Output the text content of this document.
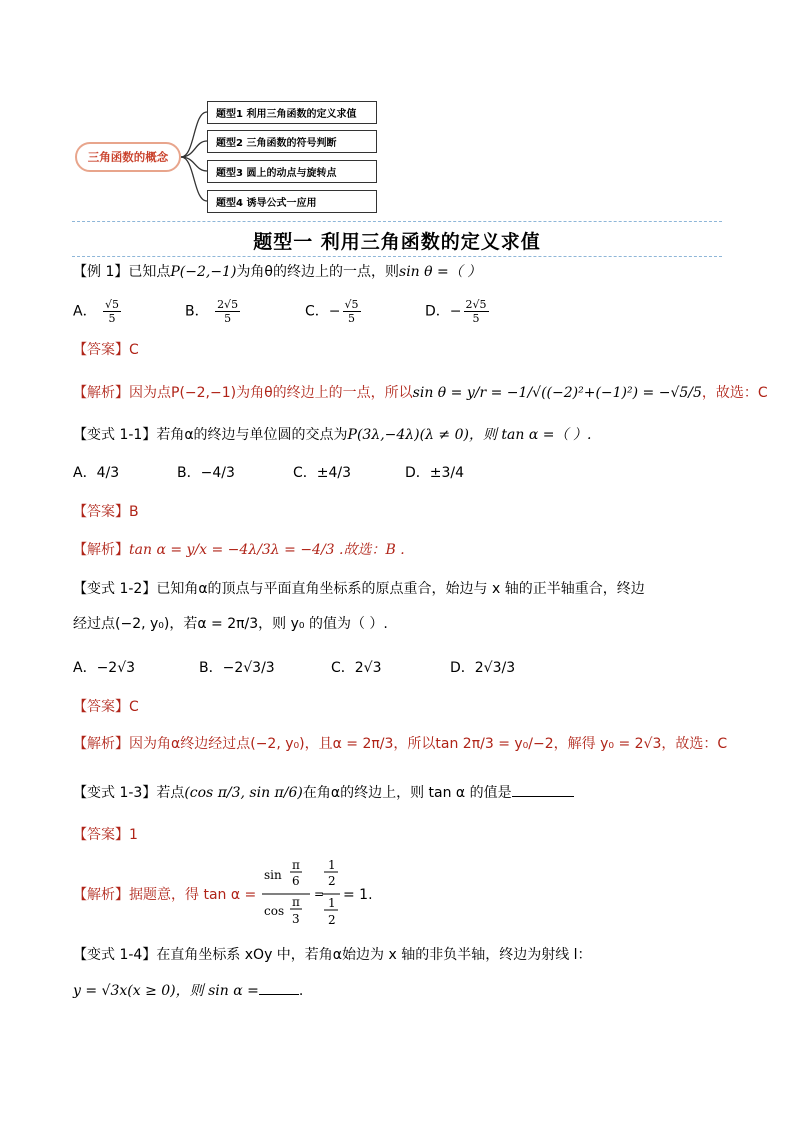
三角函数的概念
题型1 利用三角函数的定义求值
题型2 三角函数的符号判断
题型3 圆上的动点与旋转点
题型4 诱导公式一应用
题型一 利用三角函数的定义求值
【例 1】已知点P(−2,−1)为角θ的终边上的一点，则sin θ =（ ）
A． $\frac{√5}{5}$	B． $\frac{2√5}{5}$	C．− $\frac{√5}{5}$	D．− $\frac{2√5}{5}$
【答案】C
【解析】因为点P(−2,−1)为角θ的终边上的一点，所以sin θ = y/r = −1/√((−2)²+(−1)²) = −√5/5，故选：C
【变式 1-1】若角α的终边与单位圆的交点为P(3λ,−4λ)(λ ≠ 0)，则 tan α =（ ）.
A．4/3	B．−4/3	C．±4/3	D．±3/4
【答案】B
【解析】tan α = y/x = −4λ/3λ = −4/3 .故选：B .
【变式 1-2】已知角α的顶点与平面直角坐标系的原点重合，始边与 x 轴的正半轴重合，终边
经过点(−2, y₀)，若α = 2π/3，则 y₀ 的值为（ ）.
A．−2√3	B．−2√3/3	C．2√3	D．2√3/3
【答案】C
【解析】因为角α终边经过点(−2, y₀)，且α = 2π/3，所以tan 2π/3 = y₀/−2，解得 y₀ = 2√3，故选：C
【变式 1-3】若点(cos π/3, sin π/6)在角α的终边上，则 tan α 的值是
【答案】1
【解析】据题意，得 tan α =
sin
π
6
cos
π
3
=
1
2
1
2
= 1.
【变式 1-4】在直角坐标系 xOy 中，若角α始边为 x 轴的非负半轴，终边为射线 l：
y = √3x(x ≥ 0)，则 sin α =	.
